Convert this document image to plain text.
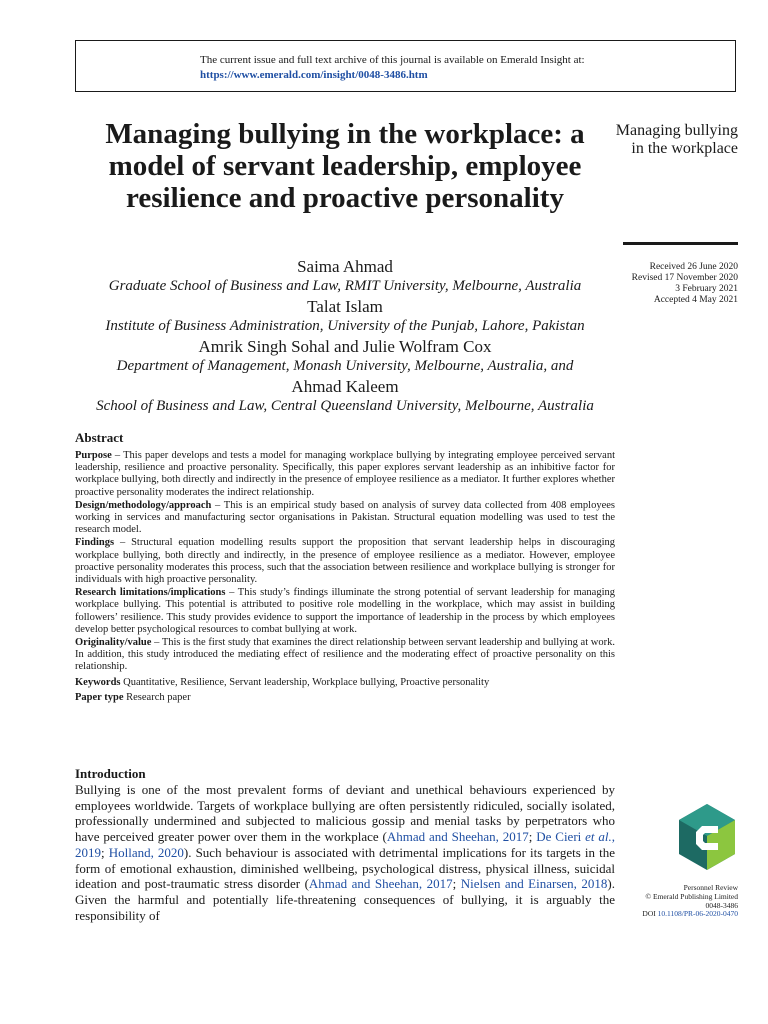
The current issue and full text archive of this journal is available on Emerald Insight at:
https://www.emerald.com/insight/0048-3486.htm
Managing bullying in the workplace: a model of servant leadership, employee resilience and proactive personality
Saima Ahmad
Graduate School of Business and Law, RMIT University, Melbourne, Australia
Talat Islam
Institute of Business Administration, University of the Punjab, Lahore, Pakistan
Amrik Singh Sohal and Julie Wolfram Cox
Department of Management, Monash University, Melbourne, Australia, and
Ahmad Kaleem
School of Business and Law, Central Queensland University, Melbourne, Australia
Managing bullying in the workplace
Received 26 June 2020
Revised 17 November 2020
3 February 2021
Accepted 4 May 2021
Abstract

Purpose – This paper develops and tests a model for managing workplace bullying by integrating employee perceived servant leadership, resilience and proactive personality. Specifically, this paper explores servant leadership as an inhibitive factor for workplace bullying, both directly and indirectly in the presence of employee resilience as a mediator. It further explores whether proactive personality moderates the indirect relationship.

Design/methodology/approach – This is an empirical study based on analysis of survey data collected from 408 employees working in services and manufacturing sector organisations in Pakistan. Structural equation modelling was used to test the research model.

Findings – Structural equation modelling results support the proposition that servant leadership helps in discouraging workplace bullying, both directly and indirectly, in the presence of employee resilience as a mediator. However, employee proactive personality moderates this process, such that the association between resilience and workplace bullying is stronger for individuals with high proactive personality.

Research limitations/implications – This study’s findings illuminate the strong potential of servant leadership for managing workplace bullying. This potential is attributed to positive role modelling in the workplace, which may assist in building followers’ resilience. This study provides evidence to support the importance of leadership in the process by which employees develop better psychological resources to combat bullying at work.

Originality/value – This is the first study that examines the direct relationship between servant leadership and bullying at work. In addition, this study introduced the mediating effect of resilience and the moderating effect of proactive personality on this relationship.

Keywords Quantitative, Resilience, Servant leadership, Workplace bullying, Proactive personality
Paper type Research paper
Introduction

Bullying is one of the most prevalent forms of deviant and unethical behaviours experienced by employees worldwide. Targets of workplace bullying are often persistently ridiculed, socially isolated, professionally undermined and subjected to malicious gossip and menial tasks by perpetrators who have perceived greater power over them in the workplace (Ahmad and Sheehan, 2017; De Cieri et al., 2019; Holland, 2020). Such behaviour is associated with detrimental implications for its targets in the form of emotional exhaustion, diminished wellbeing, psychological distress, physical illness, suicidal ideation and post-traumatic stress disorder (Ahmad and Sheehan, 2017; Nielsen and Einarsen, 2018). Given the harmful and potentially life-threatening consequences of bullying, it is arguably the responsibility of

Personnel Review
© Emerald Publishing Limited
0048-3486
DOI 10.1108/PR-06-2020-0470
